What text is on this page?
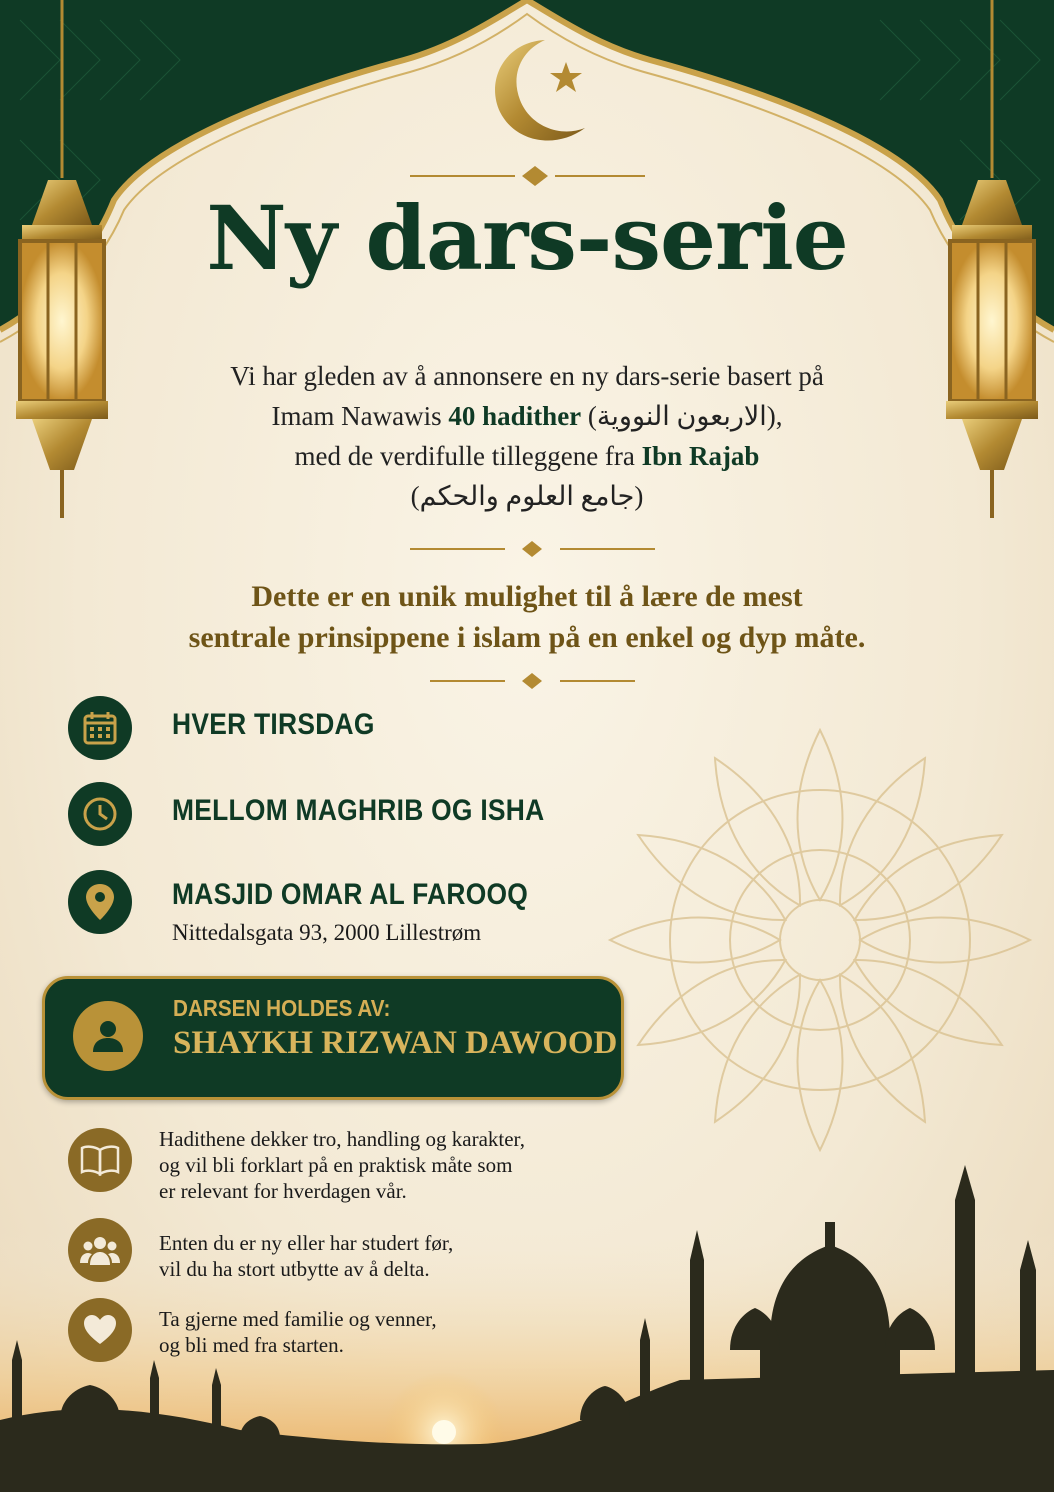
Ny dars-serie
Vi har gleden av å annonsere en ny dars-serie basert på
Imam Nawawis 40 hadither (الاربعون النووية),
med de verdifulle tilleggene fra Ibn Rajab
(جامع العلوم والحكم)
Dette er en unik mulighet til å lære de mest
sentrale prinsippene i islam på en enkel og dyp måte.
HVER TIRSDAG
MELLOM MAGHRIB OG ISHA
MASJID OMAR AL FAROOQ
Nittedalsgata 93, 2000 Lillestrøm
DARSEN HOLDES AV:
SHAYKH RIZWAN DAWOOD
Hadithene dekker tro, handling og karakter,
og vil bli forklart på en praktisk måte som
er relevant for hverdagen vår.
Enten du er ny eller har studert før,
vil du ha stort utbytte av å delta.
Ta gjerne med familie og venner,
og bli med fra starten.
